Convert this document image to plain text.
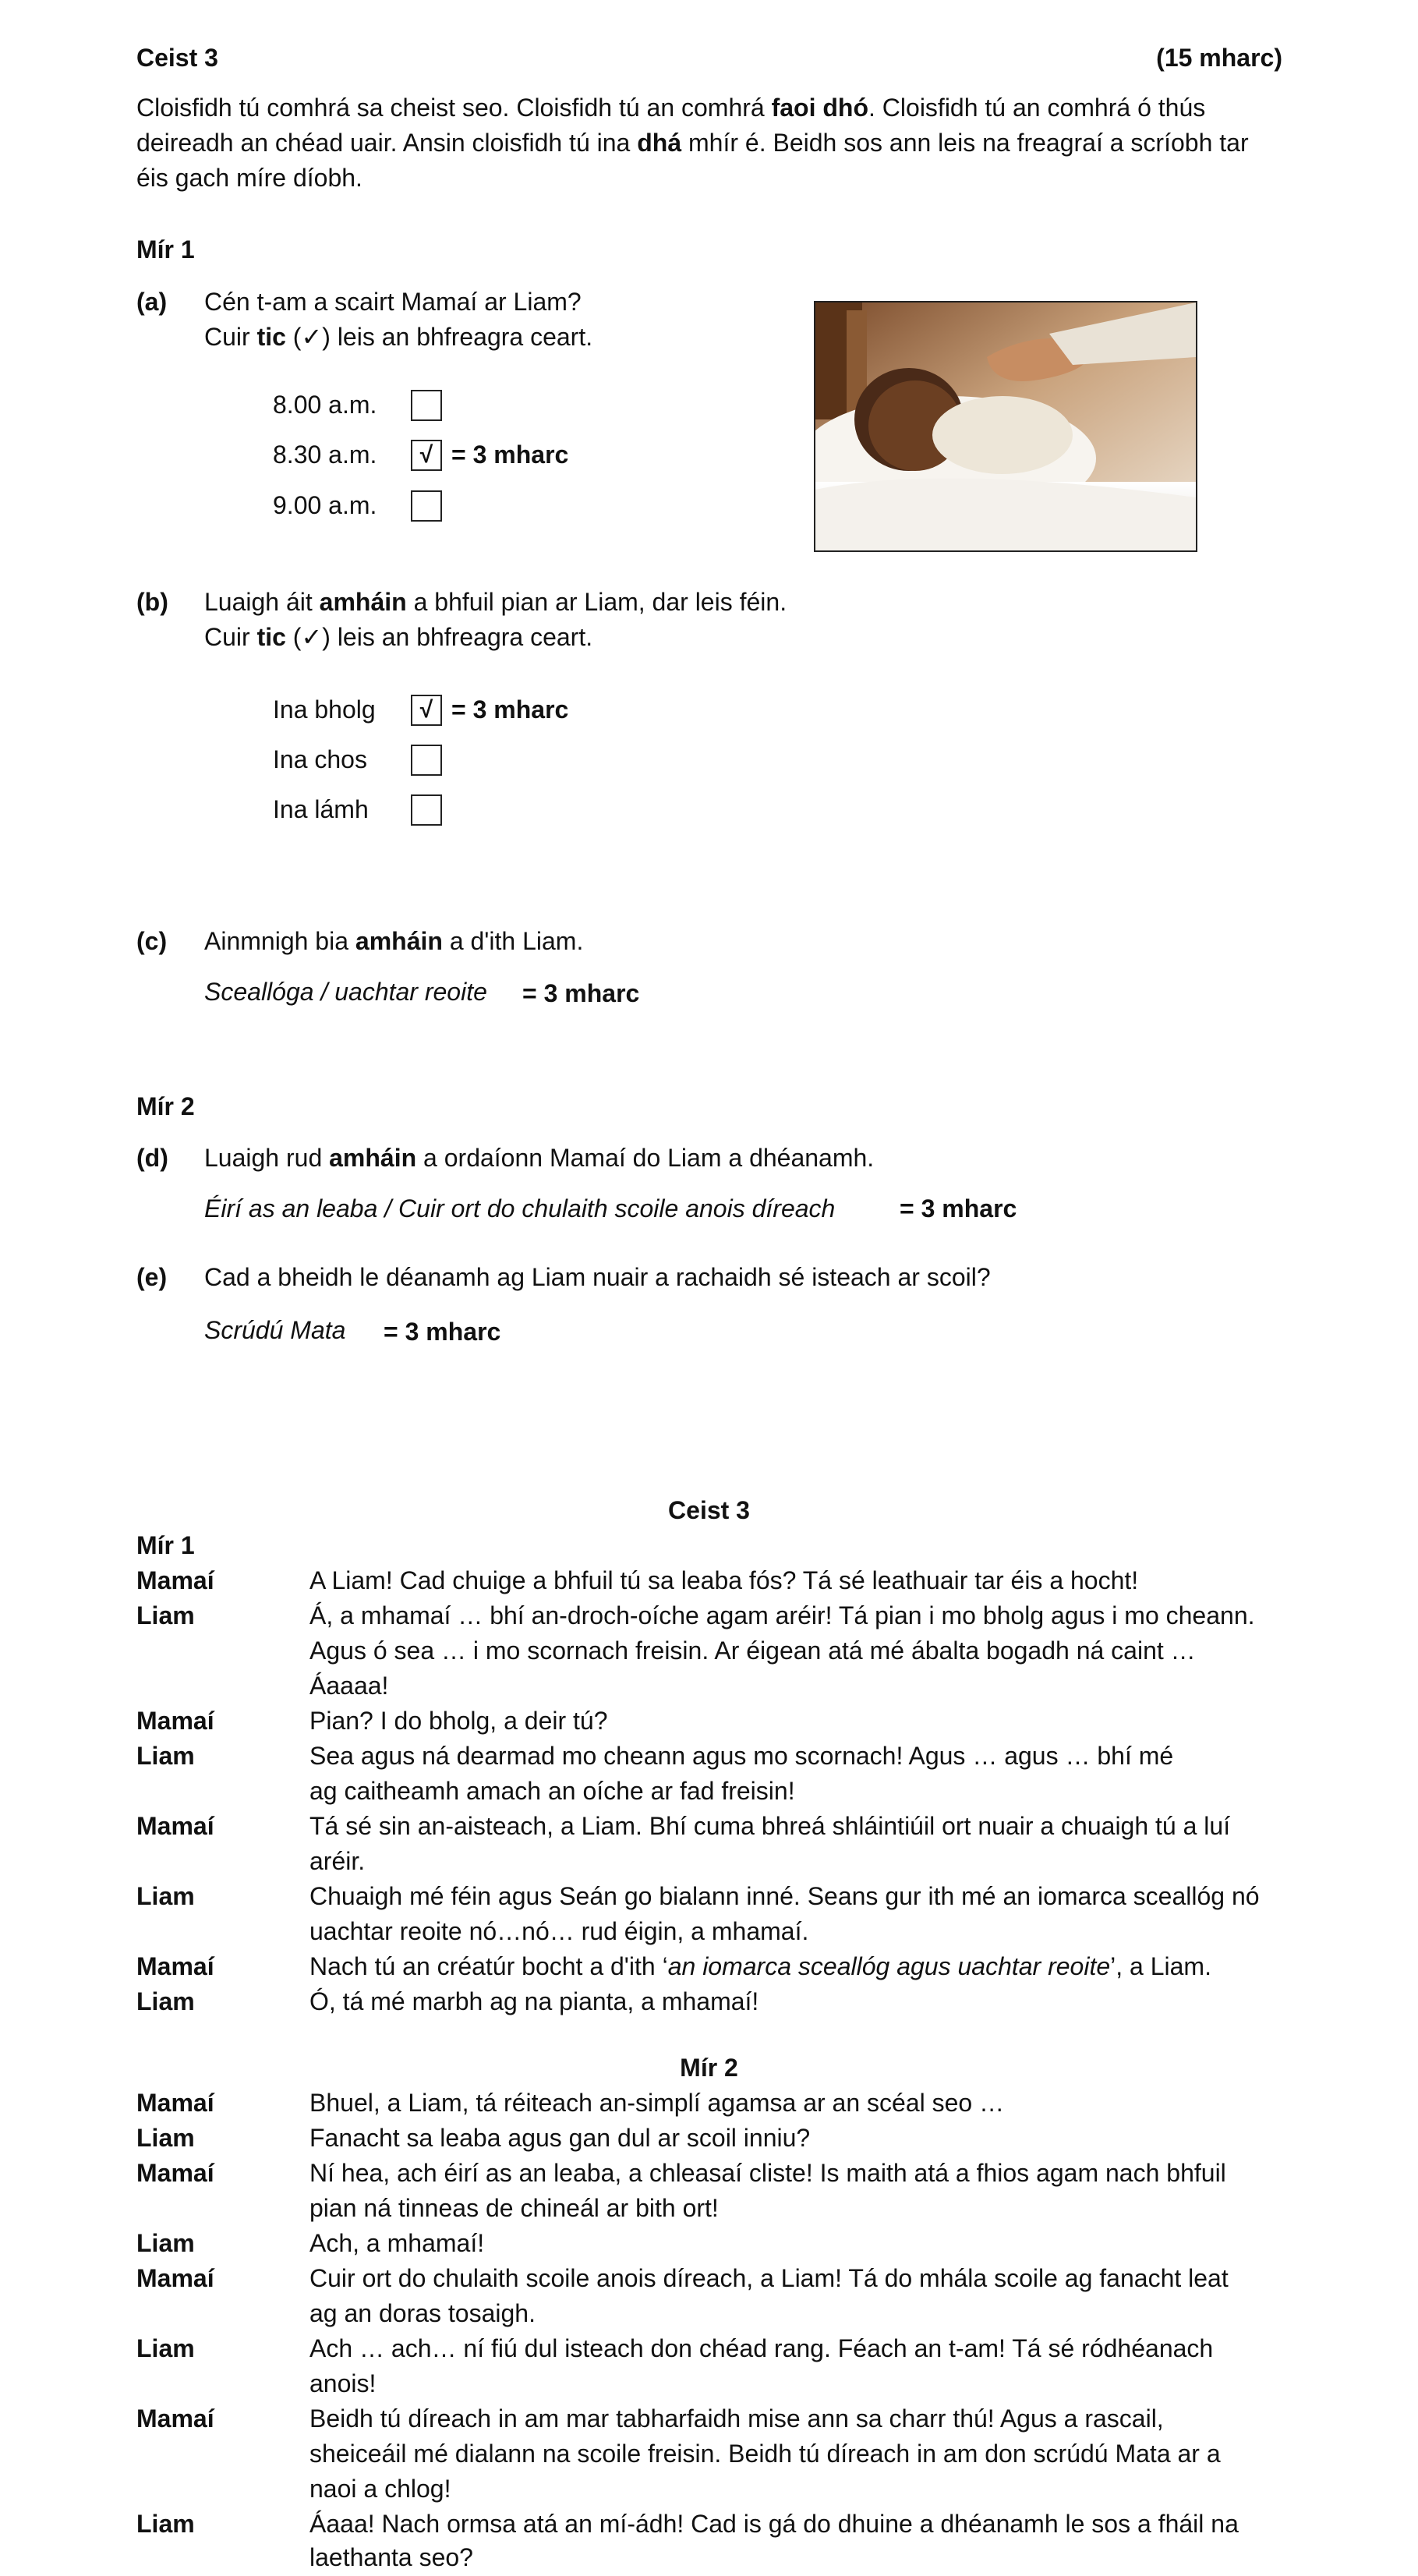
Ceist 3	(15 mharc)
Cloisfidh tú comhrá sa cheist seo. Cloisfidh tú an comhrá faoi dhó. Cloisfidh tú an comhrá ó thús deireadh an chéad uair. Ansin cloisfidh tú ina dhá mhír é. Beidh sos ann leis na freagraí a scríobh tar éis gach míre díobh.
Mír 1
(a) Cén t-am a scairt Mamaí ar Liam?
Cuir tic (✓) leis an bhfreagra ceart.
8.00 a.m.
8.30 a.m. √ = 3 mharc
9.00 a.m.
(b) Luaigh áit amháin a bhfuil pian ar Liam, dar leis féin.
Cuir tic (✓) leis an bhfreagra ceart.
Ina bholg √ = 3 mharc
Ina chos
Ina lámh
(c) Ainmnigh bia amháin a d'ith Liam.
Sceallóga / uachtar reoite = 3 mharc
Mír 2
(d) Luaigh rud amháin a ordaíonn Mamaí do Liam a dhéanamh.
Éirí as an leaba / Cuir ort do chulaith scoile anois díreach	= 3 mharc
(e) Cad a bheidh le déanamh ag Liam nuair a rachaidh sé isteach ar scoil?
Scrúdú Mata = 3 mharc
Ceist 3
Mír 1
Mamaí	A Liam! Cad chuige a bhfuil tú sa leaba fós? Tá sé leathuair tar éis a hocht!
Liam	Á, a mhamaí … bhí an-droch-oíche agam aréir! Tá pian i mo bholg agus i mo cheann.
Agus ó sea … i mo scornach freisin. Ar éigean atá mé ábalta bogadh ná caint …
Áaaaa!
Mamaí	Pian? I do bholg, a deir tú?
Liam	Sea agus ná dearmad mo cheann agus mo scornach! Agus … agus … bhí mé
ag caitheamh amach an oíche ar fad freisin!
Mamaí	Tá sé sin an-aisteach, a Liam. Bhí cuma bhreá shláintiúil ort nuair a chuaigh tú a luí
aréir.
Liam	Chuaigh mé féin agus Seán go bialann inné. Seans gur ith mé an iomarca sceallóg nó
uachtar reoite nó…nó… rud éigin, a mhamaí.
Mamaí	Nach tú an créatúr bocht a d'ith ‘an iomarca sceallóg agus uachtar reoite’, a Liam.
Liam	Ó, tá mé marbh ag na pianta, a mhamaí!
Mír 2
Mamaí	Bhuel, a Liam, tá réiteach an-simplí agamsa ar an scéal seo …
Liam	Fanacht sa leaba agus gan dul ar scoil inniu?
Mamaí	Ní hea, ach éirí as an leaba, a chleasaí cliste! Is maith atá a fhios agam nach bhfuil
pian ná tinneas de chineál ar bith ort!
Liam	Ach, a mhamaí!
Mamaí	Cuir ort do chulaith scoile anois díreach, a Liam! Tá do mhála scoile ag fanacht leat
ag an doras tosaigh.
Liam	Ach … ach… ní fiú dul isteach don chéad rang. Féach an t-am! Tá sé ródhéanach
anois!
Mamaí	Beidh tú díreach in am mar tabharfaidh mise ann sa charr thú! Agus a rascail,
sheiceáil mé dialann na scoile freisin. Beidh tú díreach in am don scrúdú Mata ar a
naoi a chlog!
Liam	Áaaa! Nach ormsa atá an mí-ádh! Cad is gá do dhuine a dhéanamh le sos a fháil na
laethanta seo?
